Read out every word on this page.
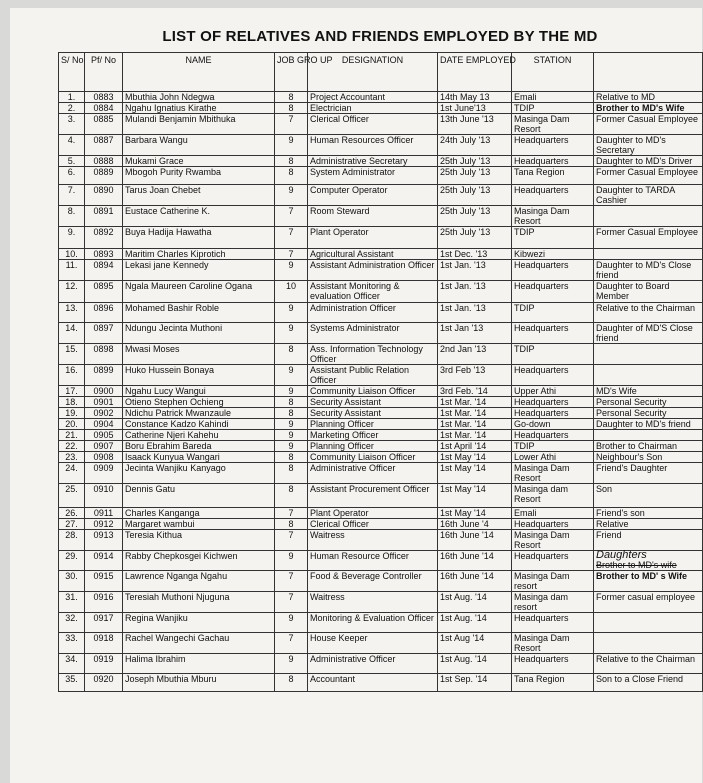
LIST OF RELATIVES AND FRIENDS EMPLOYED BY THE MD
S/ No	Pf/ No	NAME	JOB GRO UP	DESIGNATION	DATE EMPLOYED	STATION	
1.	0883	Mbuthia John Ndegwa	8	Project Accountant	14th May 13	Emali	Relative to MD
2.	0884	Ngahu Ignatius Kirathe	8	Electrician	1st June'13	TDIP	Brother to MD's Wife
3.	0885	Mulandi Benjamin Mbithuka	7	Clerical Officer	13th June '13	Masinga Dam Resort	Former Casual Employee
4.	0887	Barbara Wangu	9	Human Resources Officer	24th July '13	Headquarters	Daughter to MD's Secretary
5.	0888	Mukami Grace	8	Administrative Secretary	25th July '13	Headquarters	Daughter to MD's Driver
6.	0889	Mbogoh Purity Rwamba	8	System Administrator	25th July '13	Tana Region	Former Casual Employee
7.	0890	Tarus Joan Chebet	9	Computer Operator	25th July '13	Headquarters	Daughter to TARDA Cashier
8.	0891	Eustace Catherine K.	7	Room Steward	25th July '13	Masinga Dam Resort	
9.	0892	Buya Hadija Hawatha	7	Plant Operator	25th July '13	TDIP	Former Casual Employee
10.	0893	Maritim Charles Kiprotich	7	Agricultural Assistant	1st Dec. '13	Kibwezi	
11.	0894	Lekasi jane Kennedy	9	Assistant Administration Officer	1st Jan. '13	Headquarters	Daughter to MD's Close friend
12.	0895	Ngala Maureen Caroline Ogana	10	Assistant Monitoring & evaluation Officer	1st Jan. '13	Headquarters	Daughter to Board Member
13.	0896	Mohamed Bashir Roble	9	Administration Officer	1st Jan. '13	TDIP	Relative to the Chairman
14.	0897	Ndungu Jecinta Muthoni	9	Systems Administrator	1st Jan '13	Headquarters	Daughter of MD'S Close friend
15.	0898	Mwasi Moses	8	Ass. Information Technology Officer	2nd Jan '13	TDIP	
16.	0899	Huko Hussein Bonaya	9	Assistant Public Relation Officer	3rd Feb '13	Headquarters	
17.	0900	Ngahu Lucy Wangui	9	Community Liaison Officer	3rd Feb. '14	Upper Athi	MD's Wife
18.	0901	Otieno Stephen Ochieng	8	Security Assistant	1st Mar. '14	Headquarters	Personal Security
19.	0902	Ndichu Patrick Mwanzaule	8	Security Assistant	1st Mar. '14	Headquarters	Personal Security
20.	0904	Constance Kadzo Kahindi	9	Planning Officer	1st Mar. '14	Go-down	Daughter to MD's friend
21.	0905	Catherine Njeri Kahehu	9	Marketing Officer	1st Mar. '14	Headquarters	
22.	0907	Boru Ebrahim Bareda	9	Planning Officer	1st April '14	TDIP	Brother to Chairman
23.	0908	Isaack Kunyua Wangari	8	Community Liaison Officer	1st May '14	Lower Athi	Neighbour's Son
24.	0909	Jecinta Wanjiku Kanyago	8	Administrative Officer	1st May '14	Masinga Dam Resort	Friend's Daughter
25.	0910	Dennis Gatu	8	Assistant Procurement Officer	1st May '14	Masinga dam Resort	Son
26.	0911	Charles Kanganga	7	Plant Operator	1st May '14	Emali	Friend's son
27.	0912	Margaret wambui	8	Clerical Officer	16th June '4	Headquarters	Relative
28.	0913	Teresia Kithua	7	Waitress	16th June '14	Masinga Dam Resort	Friend
29.	0914	Rabby Chepkosgei Kichwen	9	Human Resource Officer	16th June '14	Headquarters	Daughters
Brother to MD's wife

30.	0915	Lawrence Nganga Ngahu	7	Food & Beverage Controller	16th June '14	Masinga Dam resort	Brother to MD' s Wife
31.	0916	Teresiah Muthoni Njuguna	7	Waitress	1st Aug. '14	Masinga dam resort	Former casual employee
32.	0917	Regina Wanjiku	9	Monitoring & Evaluation Officer	1st Aug. '14	Headquarters	
33.	0918	Rachel Wangechi Gachau	7	House Keeper	1st Aug '14	Masinga Dam Resort	
34.	0919	Halima Ibrahim	9	Administrative Officer	1st Aug. '14	Headquarters	Relative to the Chairman
35.	0920	Joseph Mbuthia Mburu	8	Accountant	1st Sep. '14	Tana Region	Son to a Close Friend
